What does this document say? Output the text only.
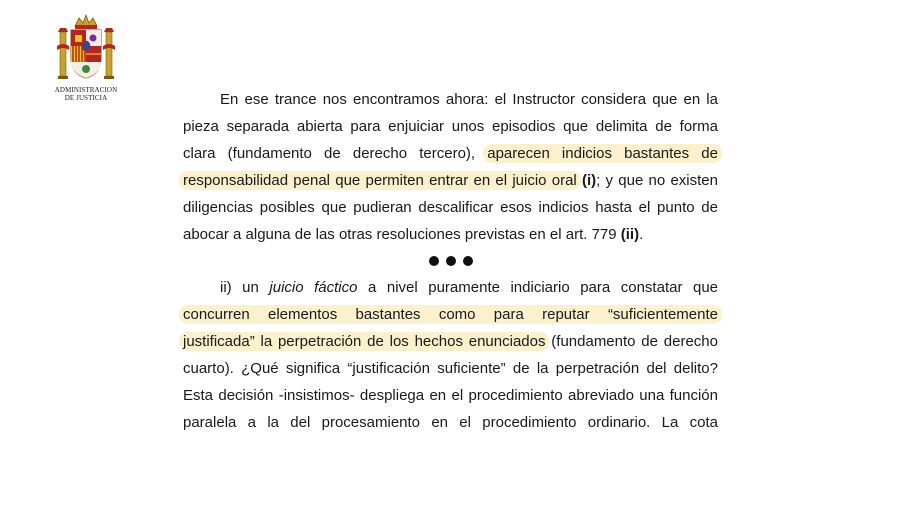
ADMINISTRACION
DE JUSTICIA	En ese trance nos encontramos ahora: el Instructor considera que en la
pieza separada abierta para enjuiciar unos episodios que delimita de forma
clara (fundamento de derecho tercero), aparecen indicios bastantes de
responsabilidad penal que permiten entrar en el juicio oral (i); y que no existen
diligencias posibles que pudieran descalificar esos indicios hasta el punto de
abocar a alguna de las otras resoluciones previstas en el art. 779 (ii).
ii) un juicio fáctico a nivel puramente indiciario para constatar que
concurren elementos bastantes como para reputar “suficientemente
justificada” la perpetración de los hechos enunciados (fundamento de derecho
cuarto). ¿Qué significa “justificación suficiente” de la perpetración del delito?
Esta decisión -insistimos- despliega en el procedimiento abreviado una función
paralela a la del procesamiento en el procedimiento ordinario. La cota
